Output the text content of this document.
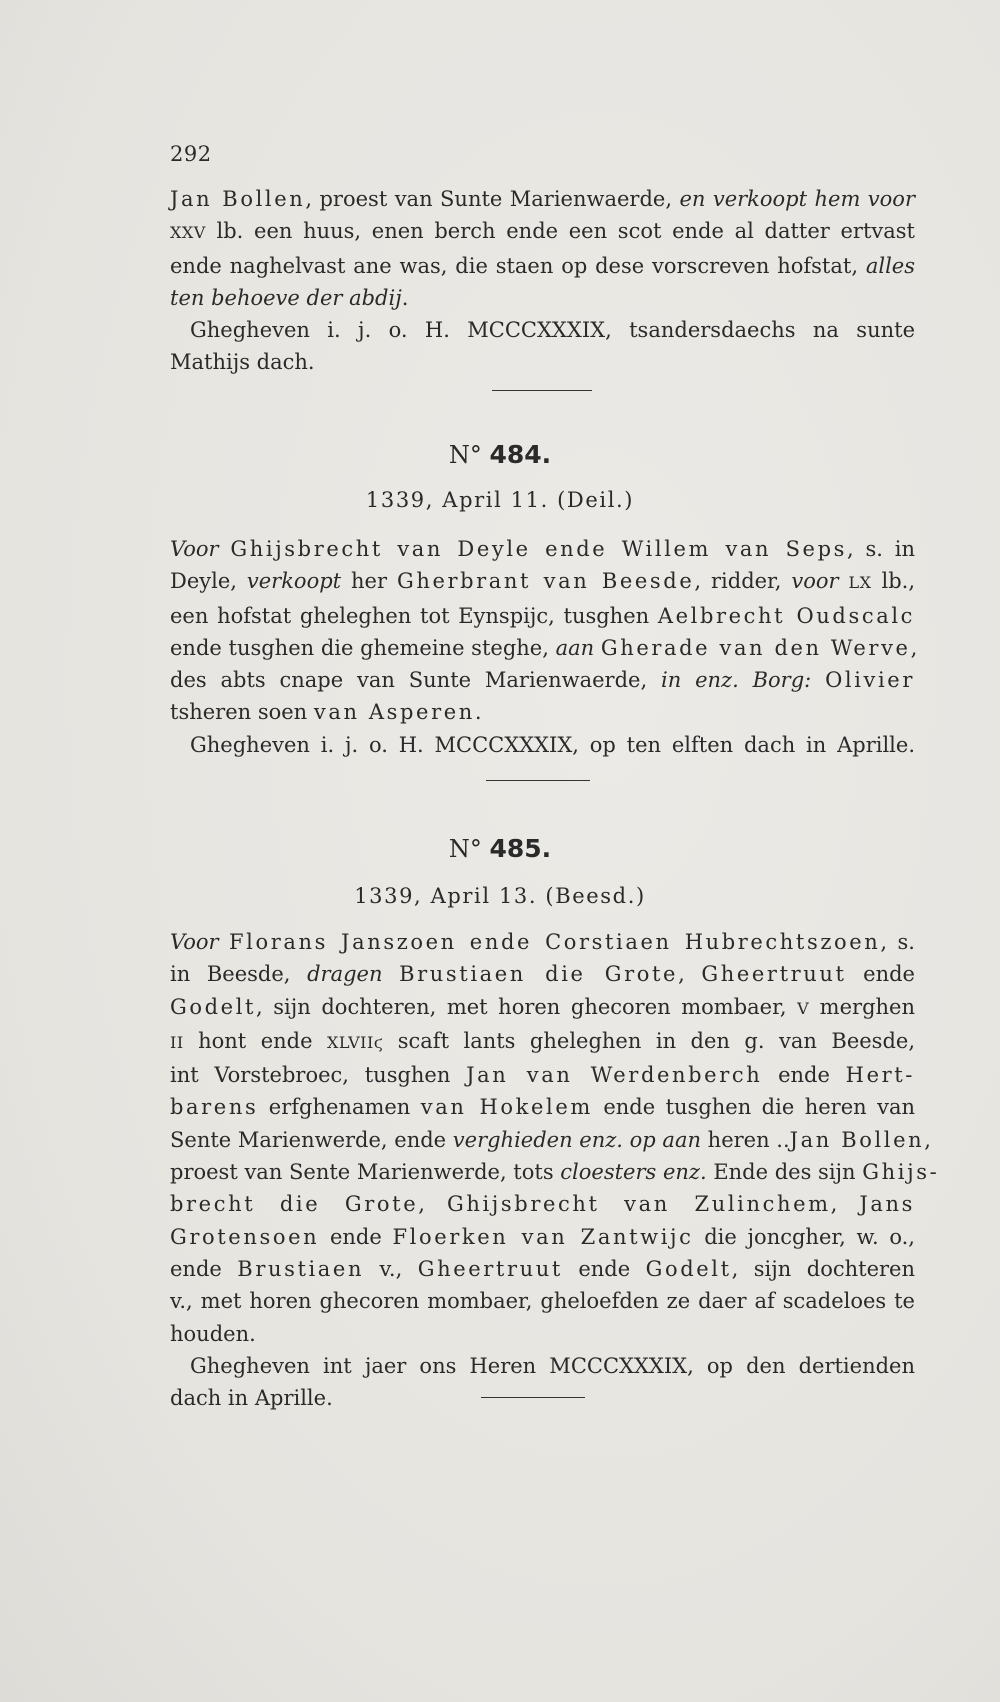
292
Jan Bollen, proest van Sunte Marienwaerde, en verkoopt hem voor
XXV lb. een huus, enen berch ende een scot ende al datter ertvast
ende naghelvast ane was, die staen op dese vorscreven hofstat, alles
ten behoeve der abdij.
Ghegheven i. j. o. H. MCCCXXXIX, tsandersdaechs na sunte
Mathijs dach.
N° 484.
1339, April 11. (Deil.)
Voor Ghijsbrecht van Deyle ende Willem van Seps, s. in
Deyle, verkoopt her Gherbrant van Beesde, ridder, voor LX lb.,
een hofstat gheleghen tot Eynspijc, tusghen Aelbrecht Oudscalc
ende tusghen die ghemeine steghe, aan Gherade van den Werve,
des abts cnape van Sunte Marienwaerde, in enz. Borg: Olivier
tsheren soen van Asperen.
Ghegheven i. j. o. H. MCCCXXXIX, op ten elften dach in Aprille.
N° 485.
1339, April 13. (Beesd.)
Voor Florans Janszoen ende Corstiaen Hubrechtszoen, s.
in Beesde, dragen Brustiaen die Grote, Gheertruut ende
Godelt, sijn dochteren, met horen ghecoren mombaer, V merghen
II hont ende XLVIIϛ scaft lants gheleghen in den g. van Beesde,
int Vorstebroec, tusghen Jan van Werdenberch ende Hert-
barens erfghenamen van Hokelem ende tusghen die heren van
Sente Marienwerde, ende verghieden enz. op aan heren ..Jan Bollen,
proest van Sente Marienwerde, tots cloesters enz. Ende des sijn Ghijs-
brecht die Grote, Ghijsbrecht van Zulinchem, Jans
Grotensoen ende Floerken van Zantwijc die joncgher, w. o.,
ende Brustiaen v., Gheertruut ende Godelt, sijn dochteren
v., met horen ghecoren mombaer, gheloefden ze daer af scadeloes te
houden.
Ghegheven int jaer ons Heren MCCCXXXIX, op den dertienden
dach in Aprille.
